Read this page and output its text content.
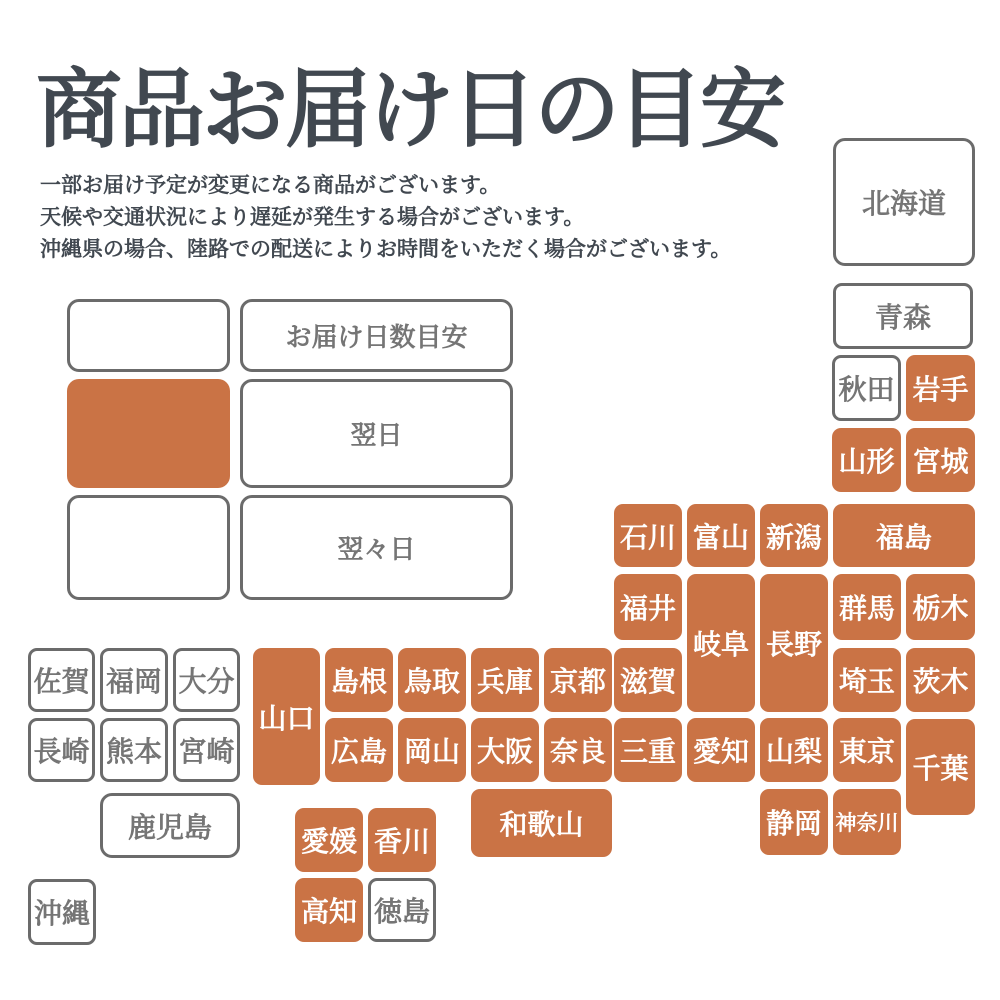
商品お届け日の目安
一部お届け予定が変更になる商品がございます。
天候や交通状況により遅延が発生する場合がございます。
沖縄県の場合、陸路での配送によりお時間をいただく場合がございます。
お届け日数目安
翌日
翌々日
北海道
青森
秋田 岩手
山形 宮城
石川 富山 新潟	福島
福井
岐阜 長野
群馬 栃木
滋賀	埼玉 茨木
佐賀 福岡 大分
長崎 熊本 宮崎
鹿児島
沖縄
山口
島根 鳥取 兵庫 京都
広島 岡山 大阪 奈良 三重 愛知 山梨 東京
千葉
静岡 神奈川
和歌山
愛媛 香川
高知 徳島
